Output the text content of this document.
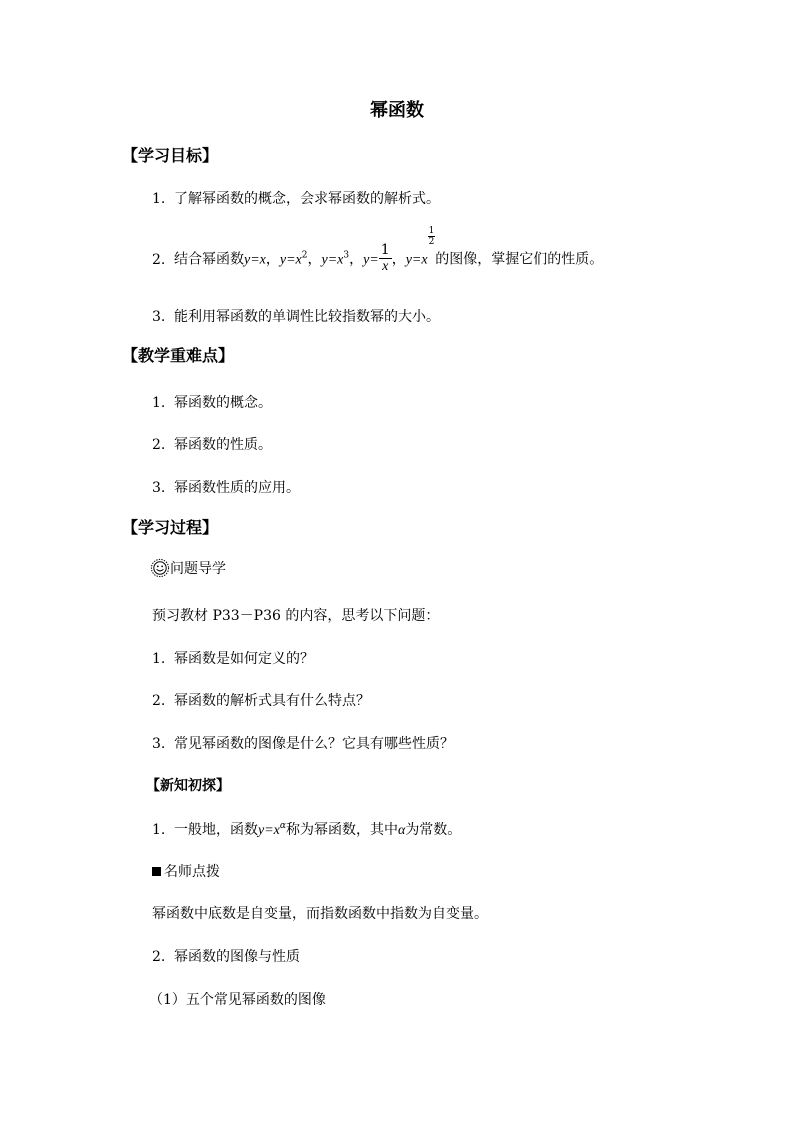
幂函数
【学习目标】
1. 了解幂函数的概念，会求幂函数的解析式。
2. 结合幂函数y=x，$y=x^2$，$y=x^3$，$y= \frac{1}{x}$ ，y=x
$\frac{1}{2}$
的图像，掌握它们的性质。
3. 能利用幂函数的单调性比较指数幂的大小。
【教学重难点】
1. 幂函数的概念。
2. 幂函数的性质。
3. 幂函数性质的应用。
【学习过程】
问题导学
预习教材 P33－P36 的内容，思考以下问题：
1. 幂函数是如何定义的？
2. 幂函数的解析式具有什么特点？
3. 常见幂函数的图像是什么？它具有哪些性质？
【新知初探】
1. 一般地，函数$y=x^\alpha$称为幂函数，其中α为常数。
名师点拨
幂函数中底数是自变量，而指数函数中指数为自变量。
2. 幂函数的图像与性质
（1）五个常见幂函数的图像
